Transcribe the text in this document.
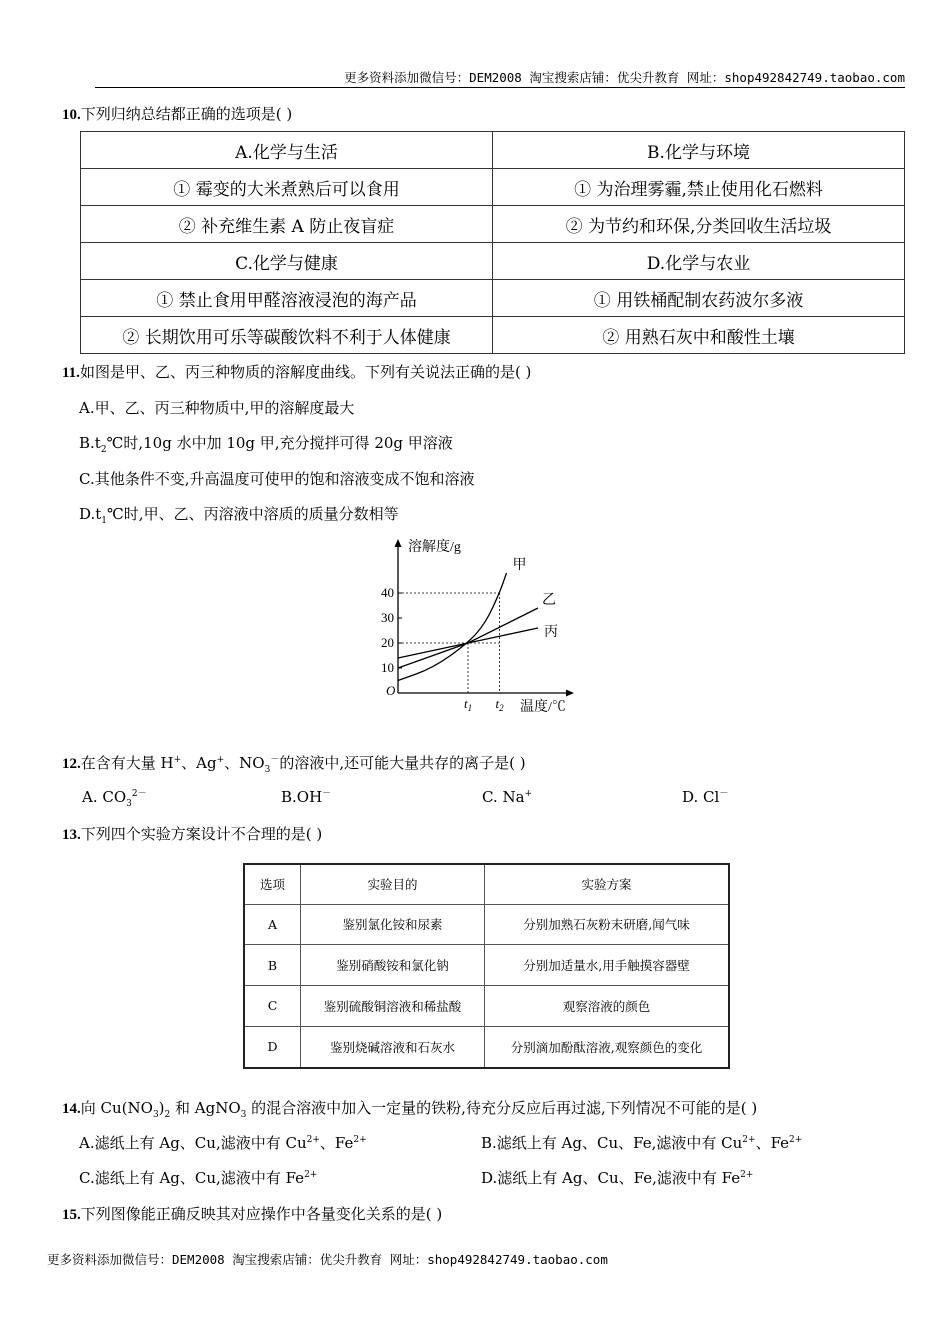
更多资料添加微信号：DEM2008 淘宝搜索店铺：优尖升教育 网址：shop492842749.taobao.com
10.下列归纳总结都正确的选项是( )
A.化学与生活	B.化学与环境
① 霉变的大米煮熟后可以食用	① 为治理雾霾,禁止使用化石燃料
② 补充维生素 A 防止夜盲症	② 为节约和环保,分类回收生活垃圾
C.化学与健康	D.化学与农业
① 禁止食用甲醛溶液浸泡的海产品	① 用铁桶配制农药波尔多液
② 长期饮用可乐等碳酸饮料不利于人体健康	② 用熟石灰中和酸性土壤
11.如图是甲、乙、丙三种物质的溶解度曲线。下列有关说法正确的是( )
A.甲、乙、丙三种物质中,甲的溶解度最大
$B.t_2℃$时,10g 水中加 10g 甲,充分搅拌可得 20g 甲溶液
C.其他条件不变,升高温度可使甲的饱和溶液变成不饱和溶液
$D.t_1℃$时,甲、乙、丙溶液中溶质的质量分数相等
溶解度/g
温度/℃
O
10
20
30
40
$t_1$ $t_2$
甲
乙
丙
12.在含有大量 H+、Ag+、$NO_3^-$的溶液中,还可能大量共存的离子是( )
A. $CO_3^{2-}$	B.OH－	C. Na+	D. Cl－
13.下列四个实验方案设计不合理的是( )
选项	实验目的	实验方案
A	鉴别氯化铵和尿素	分别加熟石灰粉末研磨,闻气味
B	鉴别硝酸铵和氯化钠	分别加适量水,用手触摸容器壁
C	鉴别硫酸铜溶液和稀盐酸	观察溶液的颜色
D	鉴别烧碱溶液和石灰水	分别滴加酚酞溶液,观察颜色的变化
14.向 $Cu(NO_3)_2$ 和 AgNO$_3$ 的混合溶液中加入一定量的铁粉,待充分反应后再过滤,下列情况不可能的是( )
A.滤纸上有 Ag、Cu,滤液中有 $Cu^{2+}$、$Fe^{2+}$	B.滤纸上有 Ag、Cu、Fe,滤液中有 $Cu^{2+}$、$Fe^{2+}$
C.滤纸上有 Ag、Cu,滤液中有 $Fe^{2+}$	D.滤纸上有 Ag、Cu、Fe,滤液中有 $Fe^{2+}$
15.下列图像能正确反映其对应操作中各量变化关系的是( )
更多资料添加微信号：DEM2008 淘宝搜索店铺：优尖升教育 网址：shop492842749.taobao.com
